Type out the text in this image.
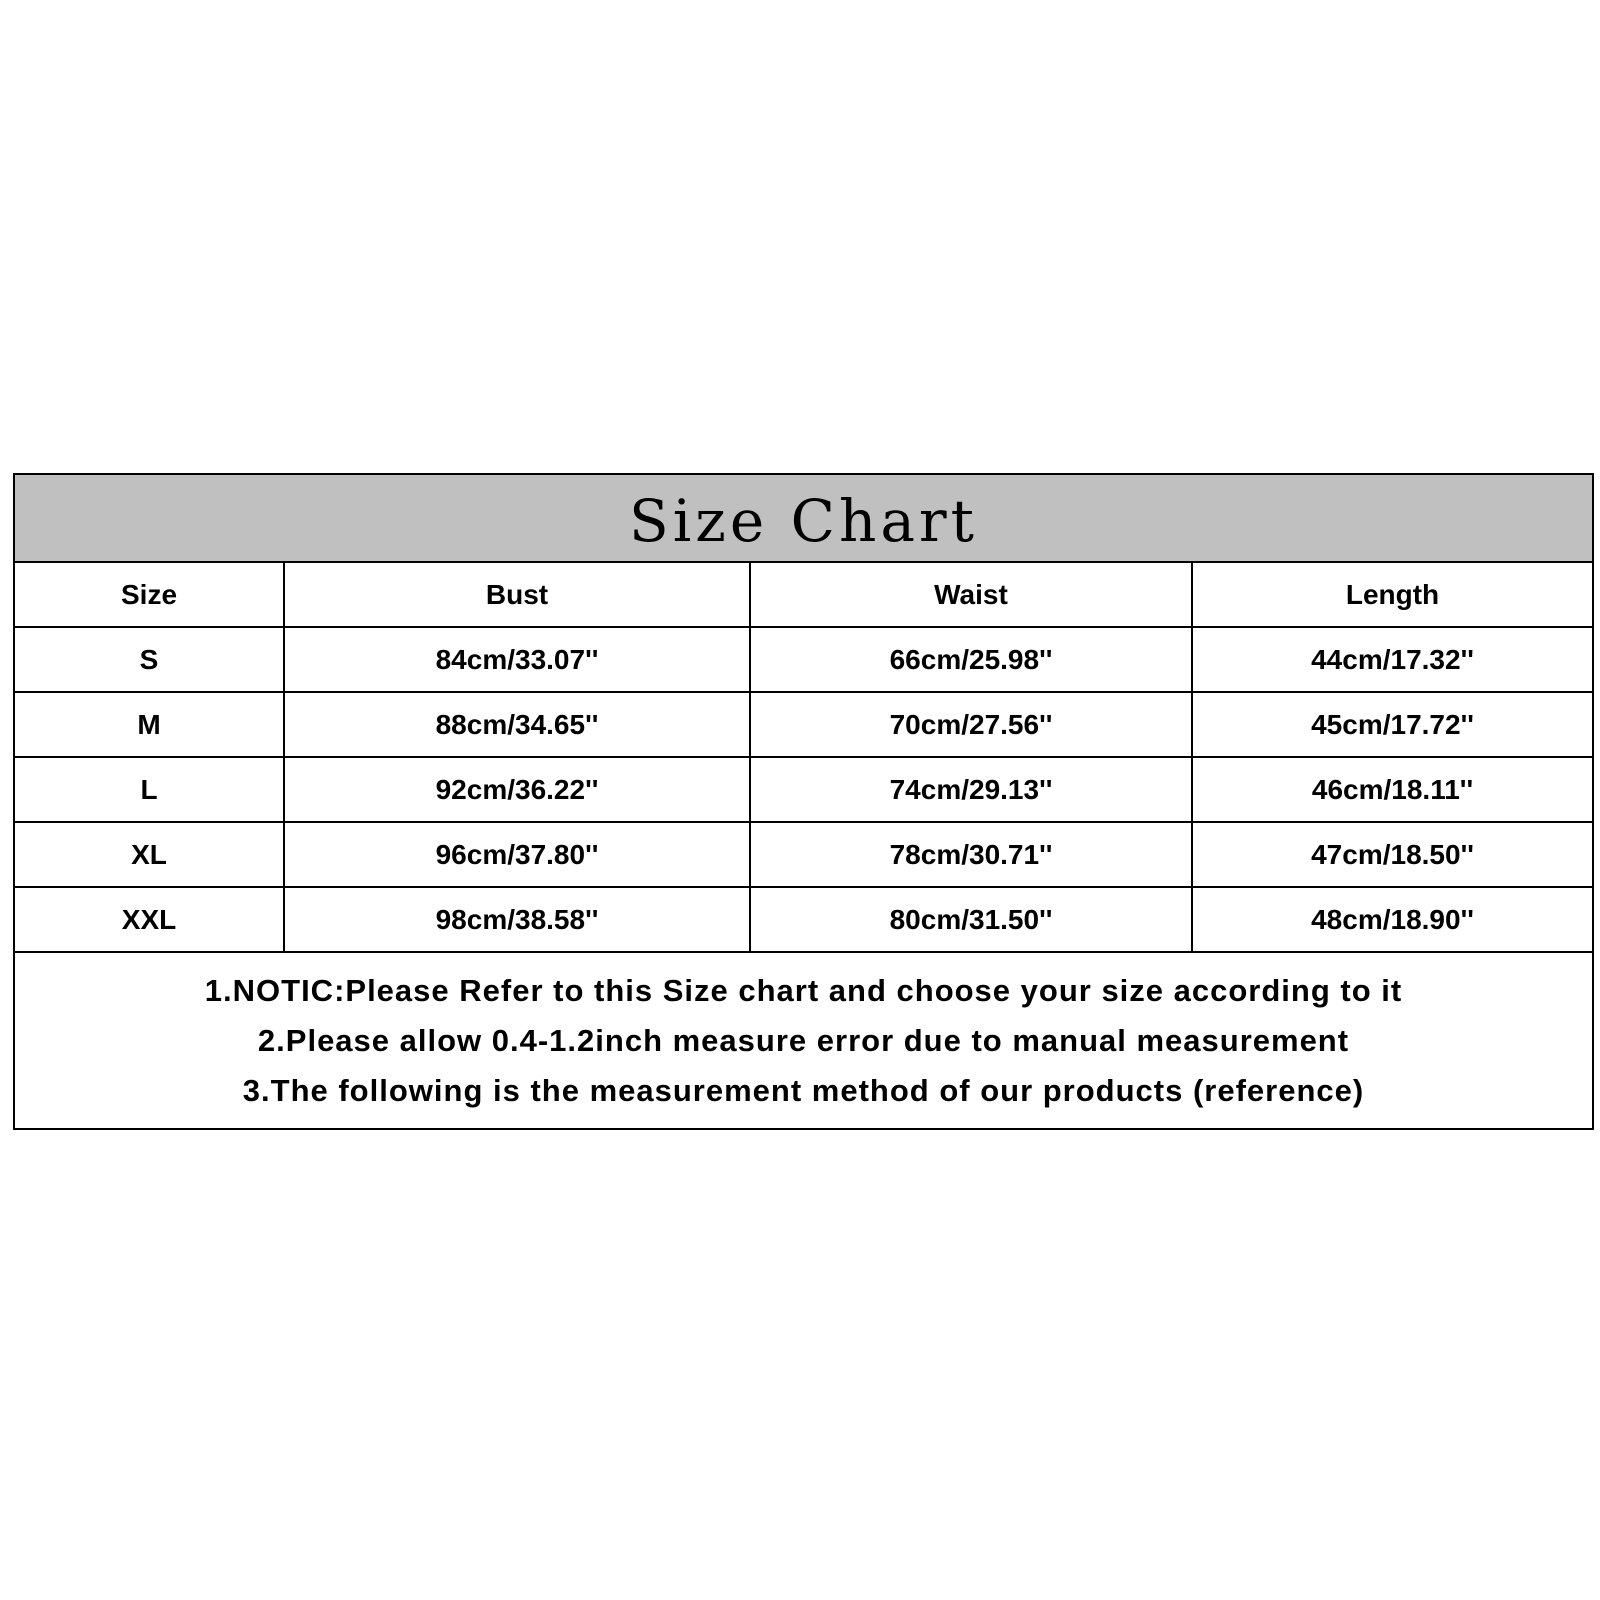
Size Chart
Size	Bust	Waist	Length
S	84cm/33.07''	66cm/25.98''	44cm/17.32''
M	88cm/34.65''	70cm/27.56''	45cm/17.72''
L	92cm/36.22''	74cm/29.13''	46cm/18.11''
XL	96cm/37.80''	78cm/30.71''	47cm/18.50''
XXL	98cm/38.58''	80cm/31.50''	48cm/18.90''
1.NOTIC:Please Refer to this Size chart and choose your size according to it
2.Please allow 0.4-1.2inch measure error due to manual measurement
3.The following is the measurement method of our products (reference)
